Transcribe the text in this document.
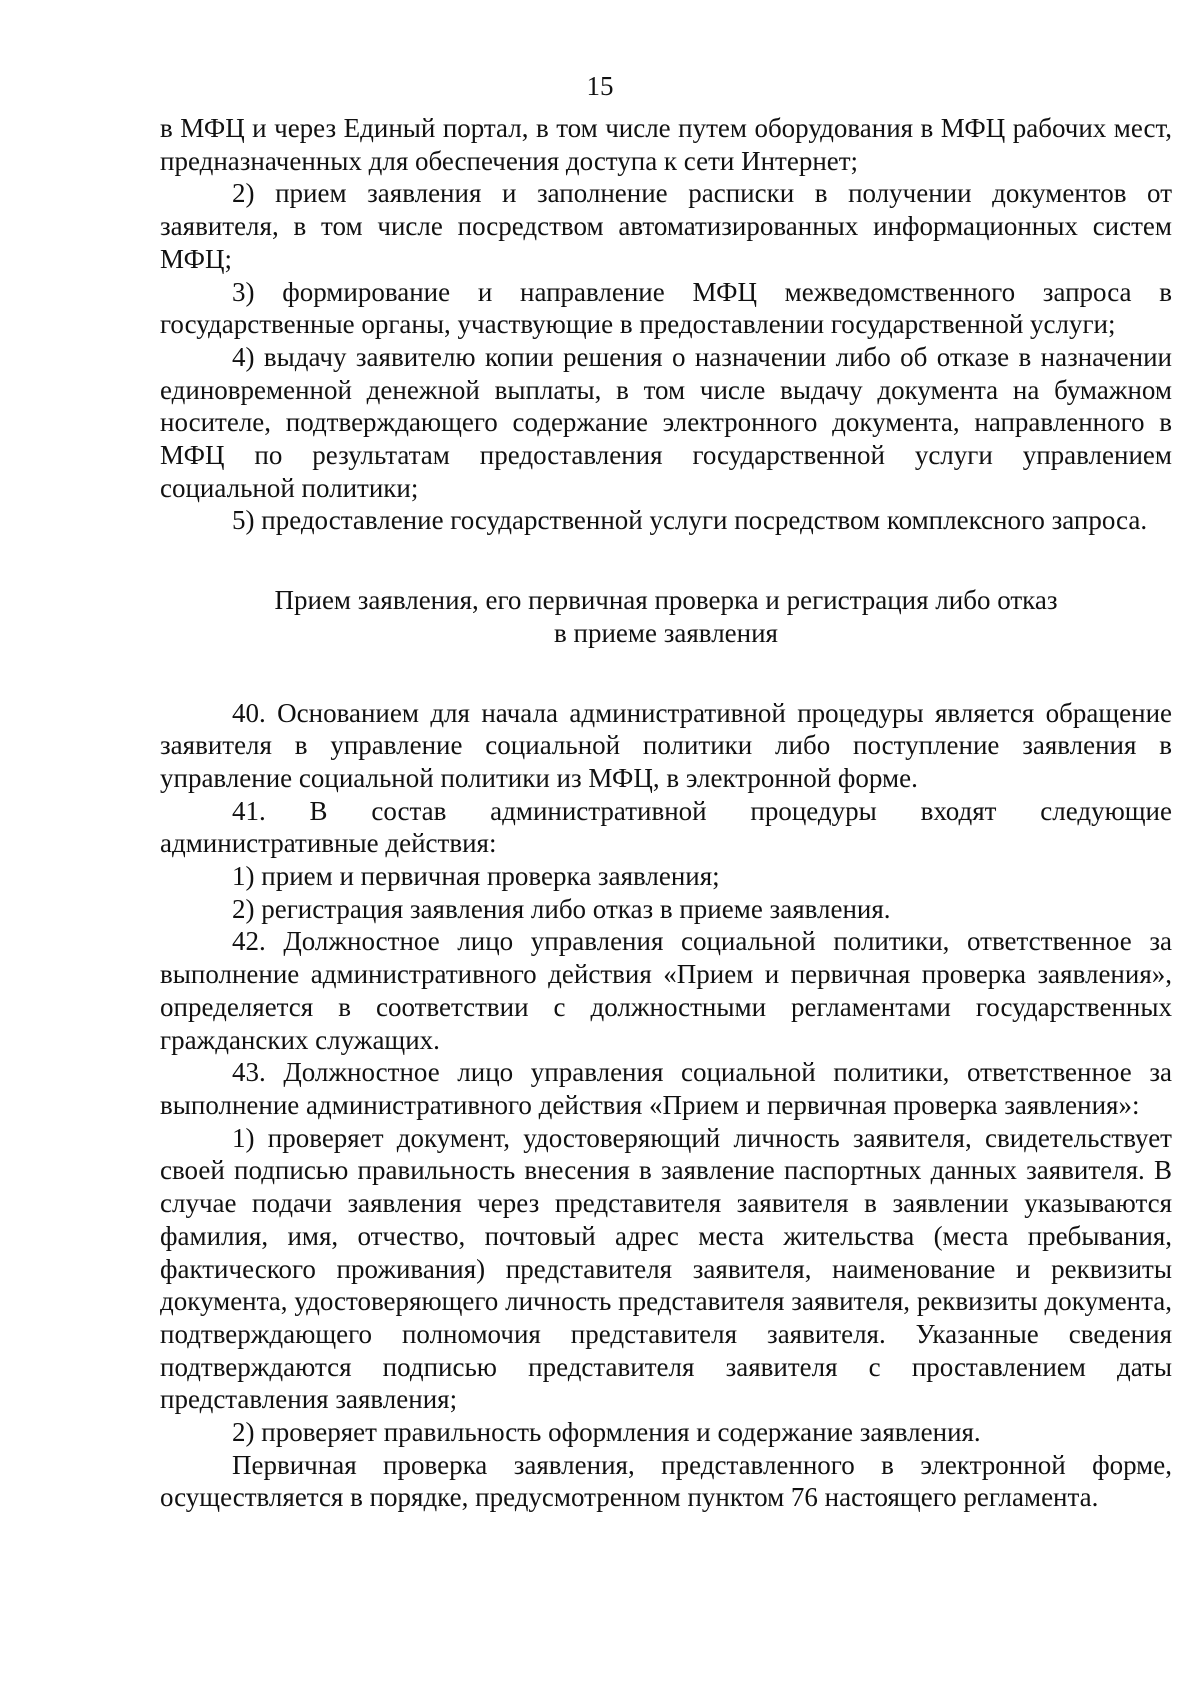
15

в МФЦ и через Единый портал, в том числе путем оборудования в МФЦ рабочих мест, предназначенных для обеспечения доступа к сети Интернет;

2) прием заявления и заполнение расписки в получении документов от заявителя, в том числе посредством автоматизированных информационных систем МФЦ;

3) формирование и направление МФЦ межведомственного запроса в государственные органы, участвующие в предоставлении государственной услуги;

4) выдачу заявителю копии решения о назначении либо об отказе в назначении единовременной денежной выплаты, в том числе выдачу документа на бумажном носителе, подтверждающего содержание электронного документа, направленного в МФЦ по результатам предоставления государственной услуги управлением социальной политики;

5) предоставление государственной услуги посредством комплексного запроса.

Прием заявления, его первичная проверка и регистрация либо отказ
в приеме заявления

40. Основанием для начала административной процедуры является обращение заявителя в управление социальной политики либо поступление заявления в управление социальной политики из МФЦ, в электронной форме.

41. В состав административной процедуры входят следующие административные действия:

1) прием и первичная проверка заявления;

2) регистрация заявления либо отказ в приеме заявления.

42. Должностное лицо управления социальной политики, ответственное за выполнение административного действия «Прием и первичная проверка заявления», определяется в соответствии с должностными регламентами государственных гражданских служащих.

43. Должностное лицо управления социальной политики, ответственное за выполнение административного действия «Прием и первичная проверка заявления»:

1) проверяет документ, удостоверяющий личность заявителя, свидетельствует своей подписью правильность внесения в заявление паспортных данных заявителя. В случае подачи заявления через представителя заявителя в заявлении указываются фамилия, имя, отчество, почтовый адрес места жительства (места пребывания, фактического проживания) представителя заявителя, наименование и реквизиты документа, удостоверяющего личность представителя заявителя, реквизиты документа, подтверждающего полномочия представителя заявителя. Указанные сведения подтверждаются подписью представителя заявителя с проставлением даты представления заявления;

2) проверяет правильность оформления и содержание заявления.

Первичная проверка заявления, представленного в электронной форме, осуществляется в порядке, предусмотренном пунктом 76 настоящего регламента.
